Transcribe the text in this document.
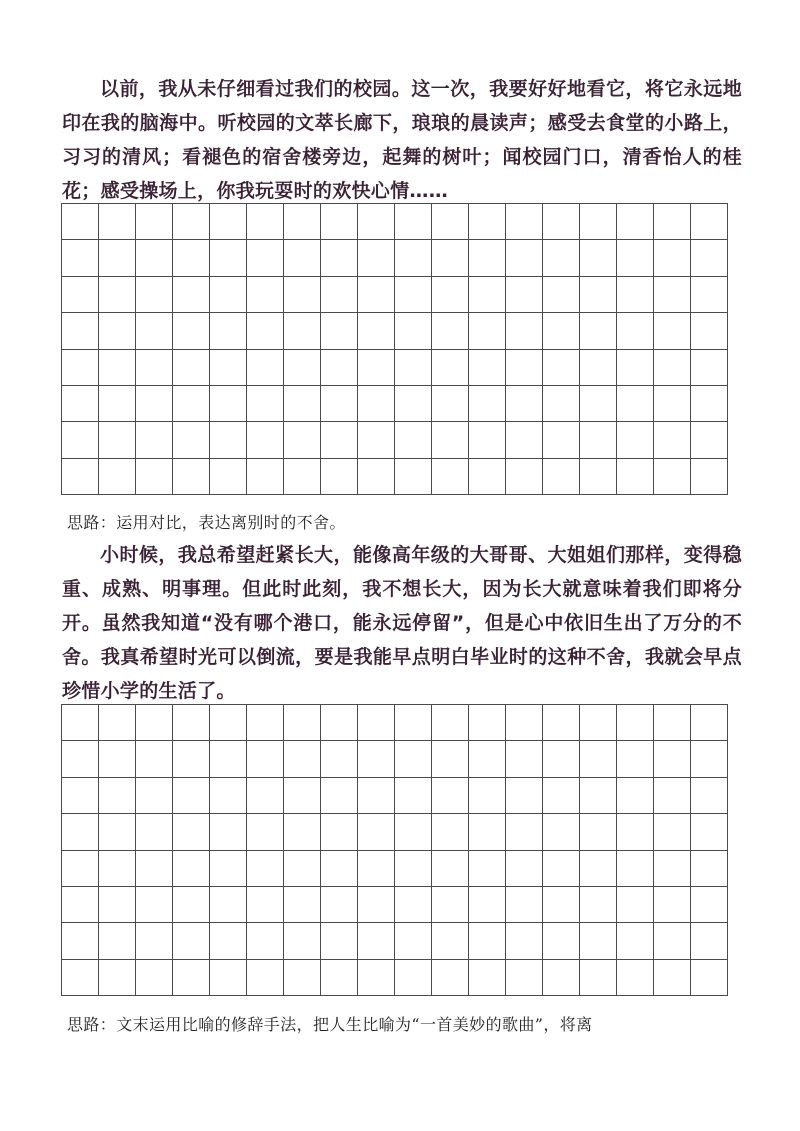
以前，我从未仔细看过我们的校园。这一次，我要好好地看它，将它永远地印在我的脑海中。听校园的文萃长廊下，琅琅的晨读声；感受去食堂的小路上，习习的清风；看褪色的宿舍楼旁边，起舞的树叶；闻校园门口，清香怡人的桂花；感受操场上，你我玩耍时的欢快心情……

思路：运用对比，表达离别时的不舍。

小时候，我总希望赶紧长大，能像高年级的大哥哥、大姐姐们那样，变得稳重、成熟、明事理。但此时此刻，我不想长大，因为长大就意味着我们即将分开。虽然我知道“没有哪个港口，能永远停留”，但是心中依旧生出了万分的不舍。我真希望时光可以倒流，要是我能早点明白毕业时的这种不舍，我就会早点珍惜小学的生活了。

思路：文末运用比喻的修辞手法，把人生比喻为“一首美妙的歌曲”，将离
